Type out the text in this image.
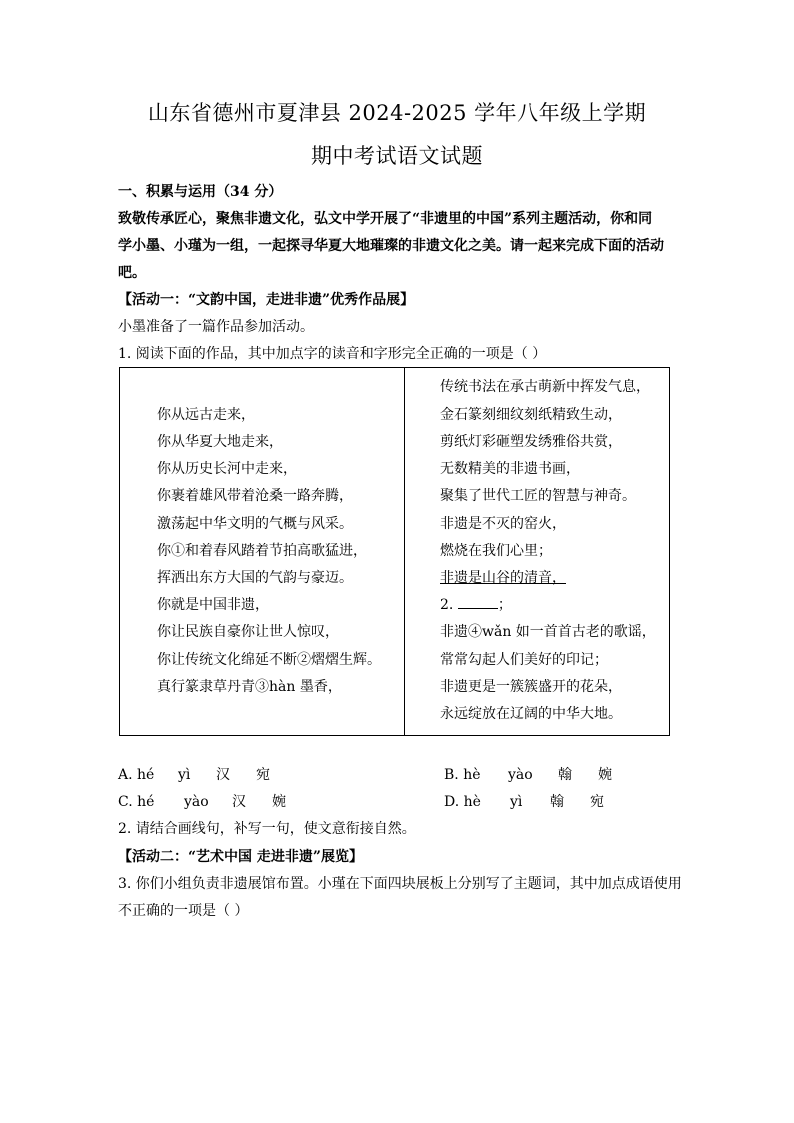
山东省德州市夏津县 2024-2025 学年八年级上学期
期中考试语文试题
一、积累与运用（34 分）
致敬传承匠心，聚焦非遗文化，弘文中学开展了“非遗里的中国”系列主题活动，你和同
学小墨、小瑾为一组，一起探寻华夏大地璀璨的非遗文化之美。请一起来完成下面的活动
吧。
【活动一：“文韵中国，走进非遗”优秀作品展】
小墨准备了一篇作品参加活动。
1. 阅读下面的作品，其中加点字的读音和字形完全正确的一项是（ ）
你从远古走来，
你从华夏大地走来，
你从历史长河中走来，
你裹着雄风带着沧桑一路奔腾，
激荡起中华文明的气概与风采。
你①和着春风踏着节拍高歌猛进，
挥洒出东方大国的气韵与豪迈。
你就是中国非遗，
你让民族自豪你让世人惊叹，
你让传统文化绵延不断②熠熠生辉。
真行篆隶草丹青③hàn 墨香，
传统书法在承古萌新中挥发气息，
金石篆刻细纹刻纸精致生动，
剪纸灯彩砸塑发绣雅俗共赏，
无数精美的非遗书画，
聚集了世代工匠的智慧与神奇。
非遗是不灭的窑火，
燃烧在我们心里；
非遗是山谷的清音，
2.	；
非遗④wǎn 如一首首古老的歌谣，
常常勾起人们美好的印记；
非遗更是一簇簇盛开的花朵，
永远绽放在辽阔的中华大地。
A. hé yì 汉 宛	B. hè yào 翰 婉
C. hé yào 汉 婉	D. hè yì 翰 宛
2. 请结合画线句，补写一句，使文意衔接自然。
【活动二：“艺术中国 走进非遗”展览】
3. 你们小组负责非遗展馆布置。小瑾在下面四块展板上分别写了主题词，其中加点成语使用
不正确的一项是（ ）
